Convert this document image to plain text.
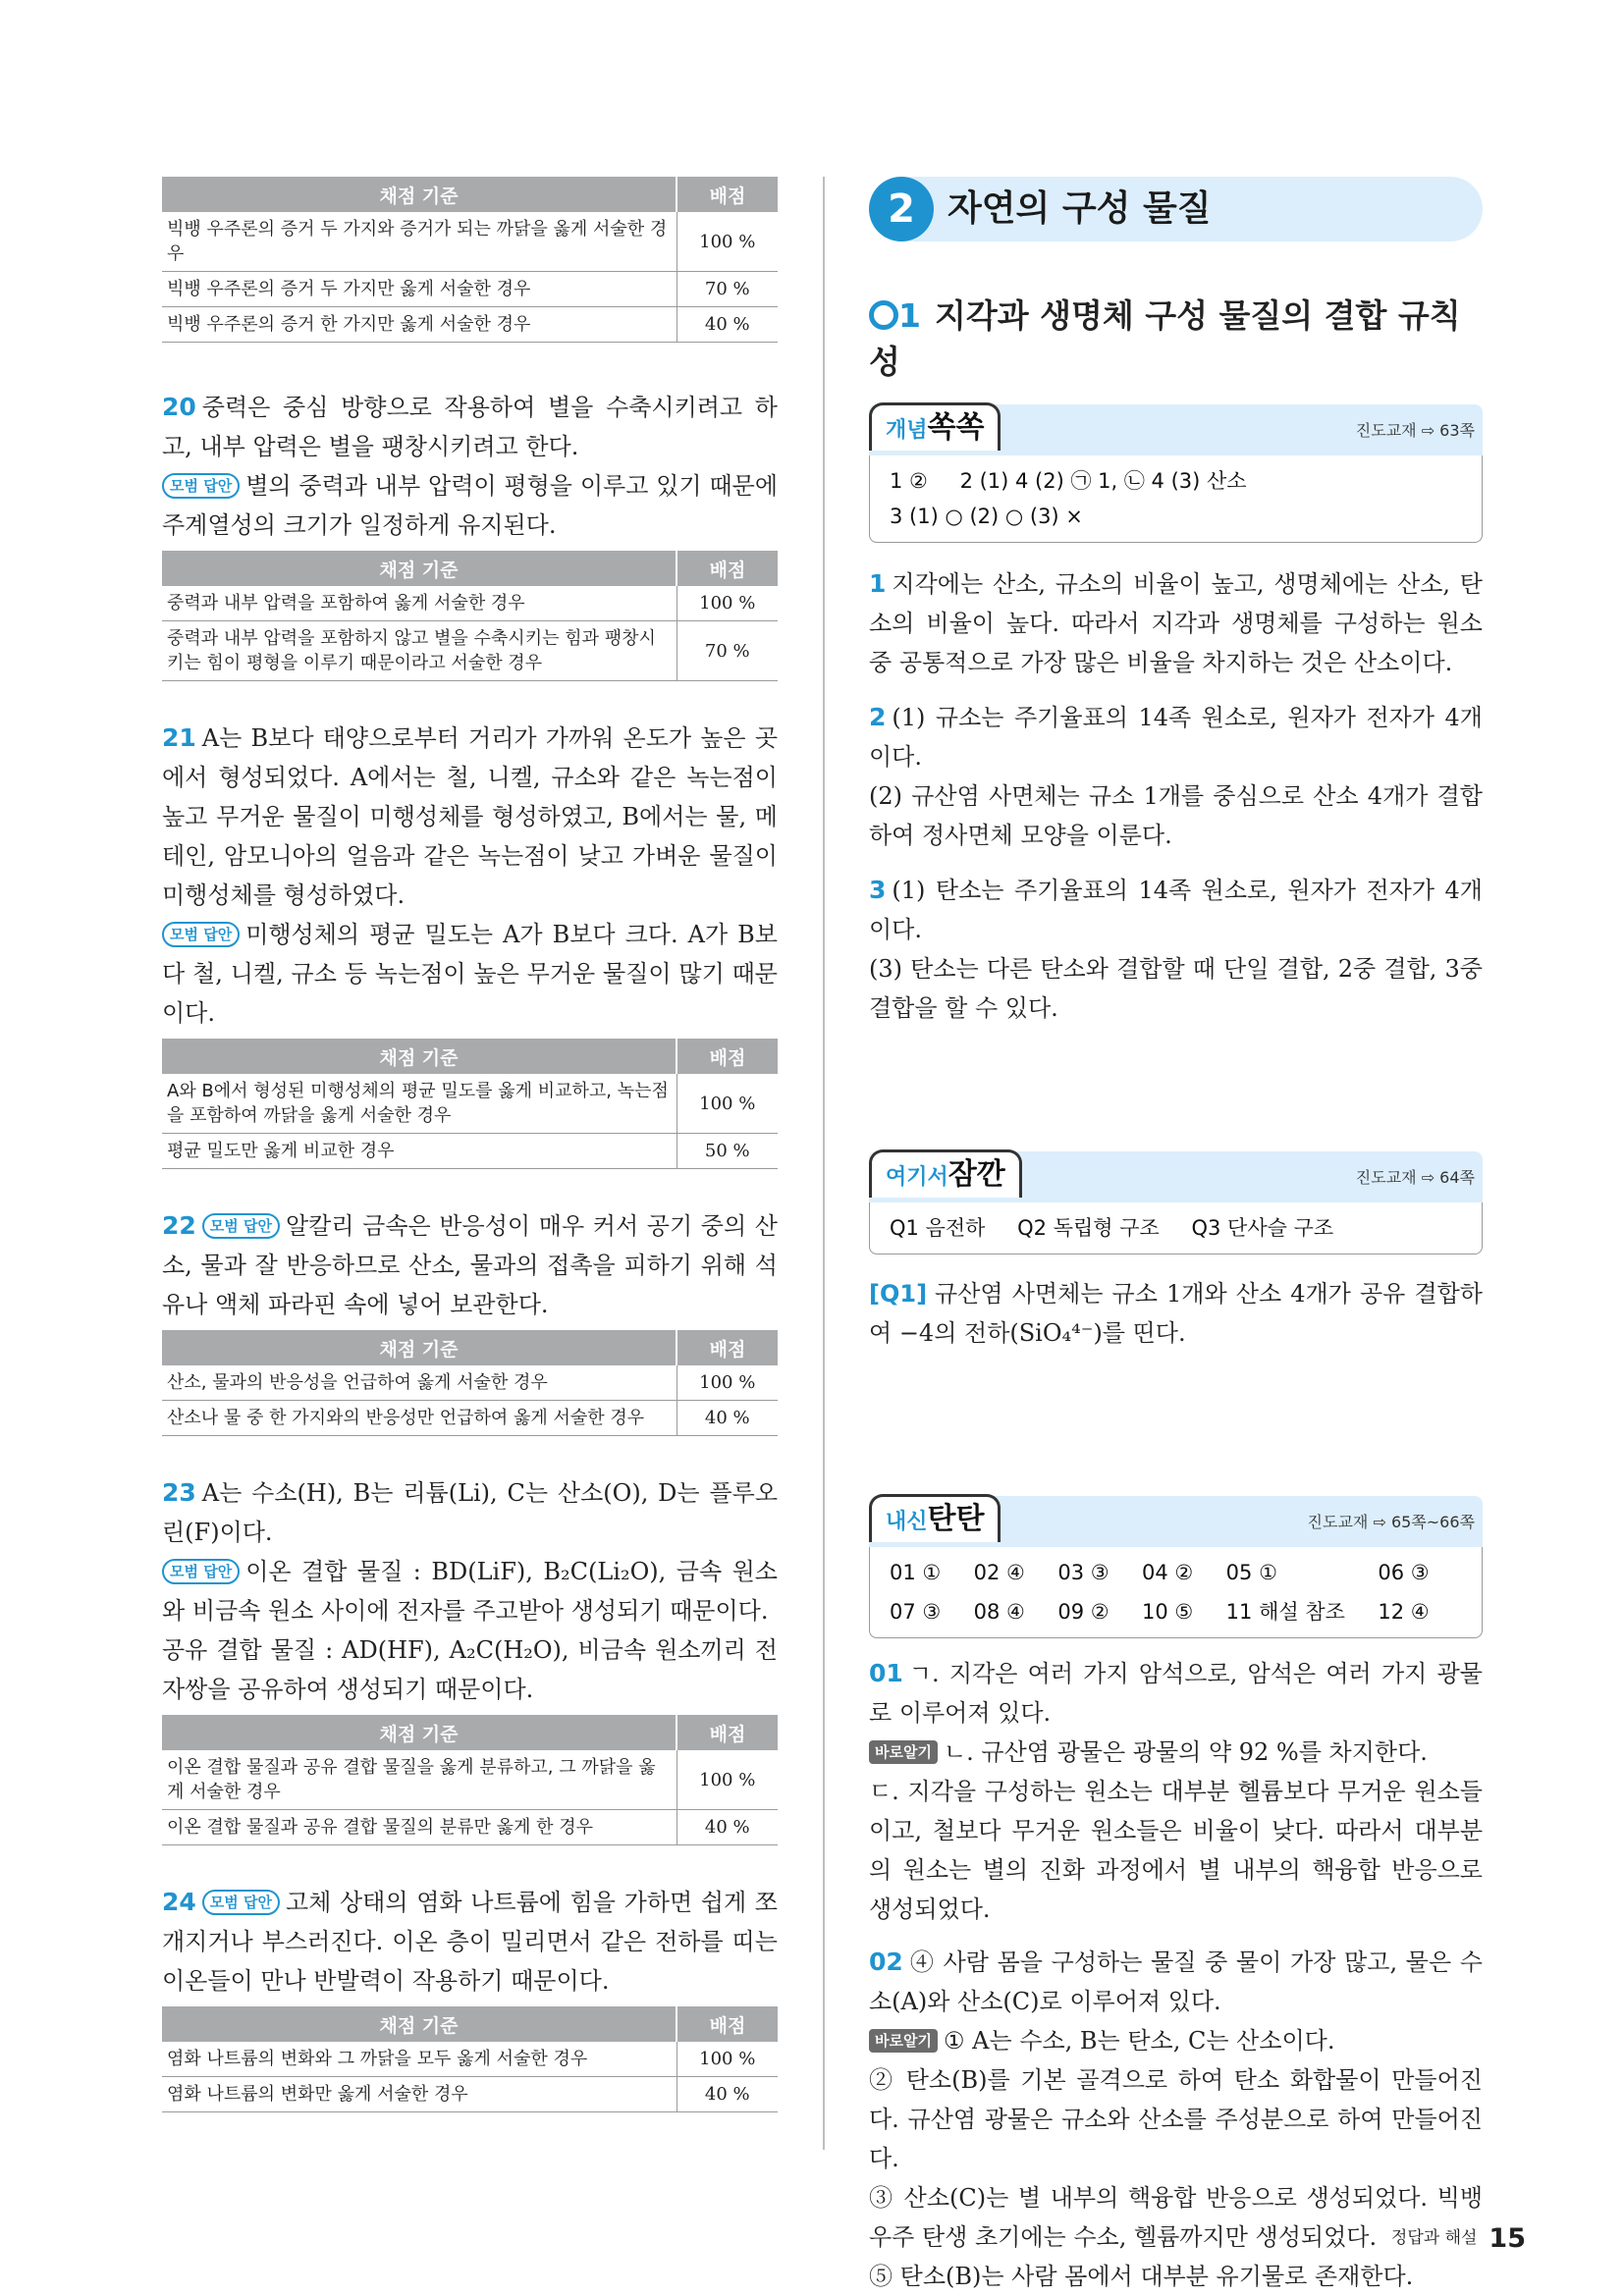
채점 기준	배점
빅뱅 우주론의 증거 두 가지와 증거가 되는 까닭을 옳게 서술한 경우	100 %
빅뱅 우주론의 증거 두 가지만 옳게 서술한 경우	70 %
빅뱅 우주론의 증거 한 가지만 옳게 서술한 경우	40 %

20 중력은 중심 방향으로 작용하여 별을 수축시키려고 하고, 내부 압력은 별을 팽창시키려고 한다.

모범 답안 별의 중력과 내부 압력이 평형을 이루고 있기 때문에 주계열성의 크기가 일정하게 유지된다.

채점 기준	배점
중력과 내부 압력을 포함하여 옳게 서술한 경우	100 %
중력과 내부 압력을 포함하지 않고 별을 수축시키는 힘과 팽창시키는 힘이 평형을 이루기 때문이라고 서술한 경우	70 %

21 A는 B보다 태양으로부터 거리가 가까워 온도가 높은 곳에서 형성되었다. A에서는 철, 니켈, 규소와 같은 녹는점이 높고 무거운 물질이 미행성체를 형성하였고, B에서는 물, 메테인, 암모니아의 얼음과 같은 녹는점이 낮고 가벼운 물질이 미행성체를 형성하였다.

모범 답안 미행성체의 평균 밀도는 A가 B보다 크다. A가 B보다 철, 니켈, 규소 등 녹는점이 높은 무거운 물질이 많기 때문이다.

채점 기준	배점
A와 B에서 형성된 미행성체의 평균 밀도를 옳게 비교하고, 녹는점을 포함하여 까닭을 옳게 서술한 경우	100 %
평균 밀도만 옳게 비교한 경우	50 %

22 모범 답안 알칼리 금속은 반응성이 매우 커서 공기 중의 산소, 물과 잘 반응하므로 산소, 물과의 접촉을 피하기 위해 석유나 액체 파라핀 속에 넣어 보관한다.

채점 기준	배점
산소, 물과의 반응성을 언급하여 옳게 서술한 경우	100 %
산소나 물 중 한 가지와의 반응성만 언급하여 옳게 서술한 경우	40 %

23 A는 수소(H), B는 리튬(Li), C는 산소(O), D는 플루오린(F)이다.

모범 답안 이온 결합 물질 : BD(LiF), B₂C(Li₂O), 금속 원소와 비금속 원소 사이에 전자를 주고받아 생성되기 때문이다.

공유 결합 물질 : AD(HF), A₂C(H₂O), 비금속 원소끼리 전자쌍을 공유하여 생성되기 때문이다.

채점 기준	배점
이온 결합 물질과 공유 결합 물질을 옳게 분류하고, 그 까닭을 옳게 서술한 경우	100 %
이온 결합 물질과 공유 결합 물질의 분류만 옳게 한 경우	40 %

24 모범 답안 고체 상태의 염화 나트륨에 힘을 가하면 쉽게 쪼개지거나 부스러진다. 이온 층이 밀리면서 같은 전하를 띠는 이온들이 만나 반발력이 작용하기 때문이다.

채점 기준	배점
염화 나트륨의 변화와 그 까닭을 모두 옳게 서술한 경우	100 %
염화 나트륨의 변화만 옳게 서술한 경우	40 %
2 자연의 구성 물질
1 지각과 생명체 구성 물질의 결합 규칙성
개념쏙쏙	진도교재 ⇨ 63쪽
1 ② 2 (1) 4 (2) ㉠ 1, ㉡ 4 (3) 산소 3 (1) ○ (2) ○ (3) ×

1 지각에는 산소, 규소의 비율이 높고, 생명체에는 산소, 탄소의 비율이 높다. 따라서 지각과 생명체를 구성하는 원소 중 공통적으로 가장 많은 비율을 차지하는 것은 산소이다.

2 (1) 규소는 주기율표의 14족 원소로, 원자가 전자가 4개이다.

(2) 규산염 사면체는 규소 1개를 중심으로 산소 4개가 결합하여 정사면체 모양을 이룬다.

3 (1) 탄소는 주기율표의 14족 원소로, 원자가 전자가 4개이다.

(3) 탄소는 다른 탄소와 결합할 때 단일 결합, 2중 결합, 3중 결합을 할 수 있다.

여기서잠깐	진도교재 ⇨ 64쪽
Q1 음전하 Q2 독립형 구조 Q3 단사슬 구조

[Q1] 규산염 사면체는 규소 1개와 산소 4개가 공유 결합하여 −4의 전하(SiO₄⁴⁻)를 띤다.

내신탄탄	진도교재 ⇨ 65쪽~66쪽
01 ①	02 ④	03 ③	04 ②	05 ①	06 ③
07 ③	08 ④	09 ②	10 ⑤	11 해설 참조	12 ④

01 ㄱ. 지각은 여러 가지 암석으로, 암석은 여러 가지 광물로 이루어져 있다.

바로알기 ㄴ. 규산염 광물은 광물의 약 92 %를 차지한다.

ㄷ. 지각을 구성하는 원소는 대부분 헬륨보다 무거운 원소들이고, 철보다 무거운 원소들은 비율이 낮다. 따라서 대부분의 원소는 별의 진화 과정에서 별 내부의 핵융합 반응으로 생성되었다.

02 ④ 사람 몸을 구성하는 물질 중 물이 가장 많고, 물은 수소(A)와 산소(C)로 이루어져 있다.

바로알기 ① A는 수소, B는 탄소, C는 산소이다.

② 탄소(B)를 기본 골격으로 하여 탄소 화합물이 만들어진다. 규산염 광물은 규소와 산소를 주성분으로 하여 만들어진다.

③ 산소(C)는 별 내부의 핵융합 반응으로 생성되었다. 빅뱅 우주 탄생 초기에는 수소, 헬륨까지만 생성되었다.

⑤ 탄소(B)는 사람 몸에서 대부분 유기물로 존재한다.

정답과 해설 15
